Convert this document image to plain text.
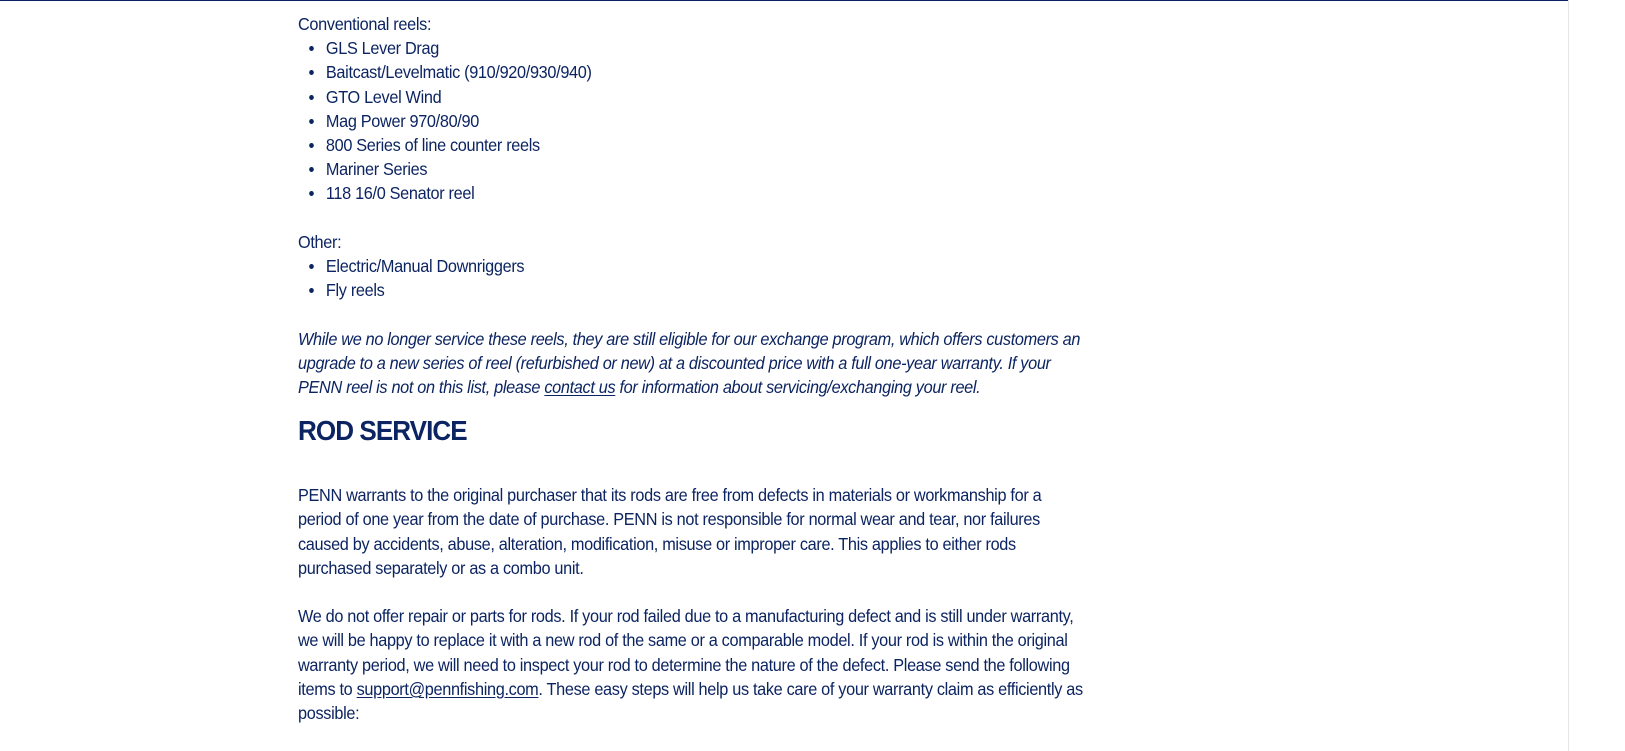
Conventional reels:

GLS Lever Drag
Baitcast/Levelmatic (910/920/930/940)
GTO Level Wind
Mag Power 970/80/90
800 Series of line counter reels
Mariner Series
118 16/0 Senator reel

Other:

Electric/Manual Downriggers
Fly reels

While we no longer service these reels, they are still eligible for our exchange program, which offers customers an upgrade to a new series of reel (refurbished or new) at a discounted price with a full one-year warranty. If your PENN reel is not on this list, please contact us for information about servicing/exchanging your reel.

ROD SERVICE

PENN warrants to the original purchaser that its rods are free from defects in materials or workmanship for a period of one year from the date of purchase. PENN is not responsible for normal wear and tear, nor failures caused by accidents, abuse, alteration, modification, misuse or improper care. This applies to either rods purchased separately or as a combo unit.

We do not offer repair or parts for rods. If your rod failed due to a manufacturing defect and is still under warranty, we will be happy to replace it with a new rod of the same or a comparable model. If your rod is within the original warranty period, we will need to inspect your rod to determine the nature of the defect. Please send the following items to support@pennfishing.com. These easy steps will help us take care of your warranty claim as efficiently as possible:
